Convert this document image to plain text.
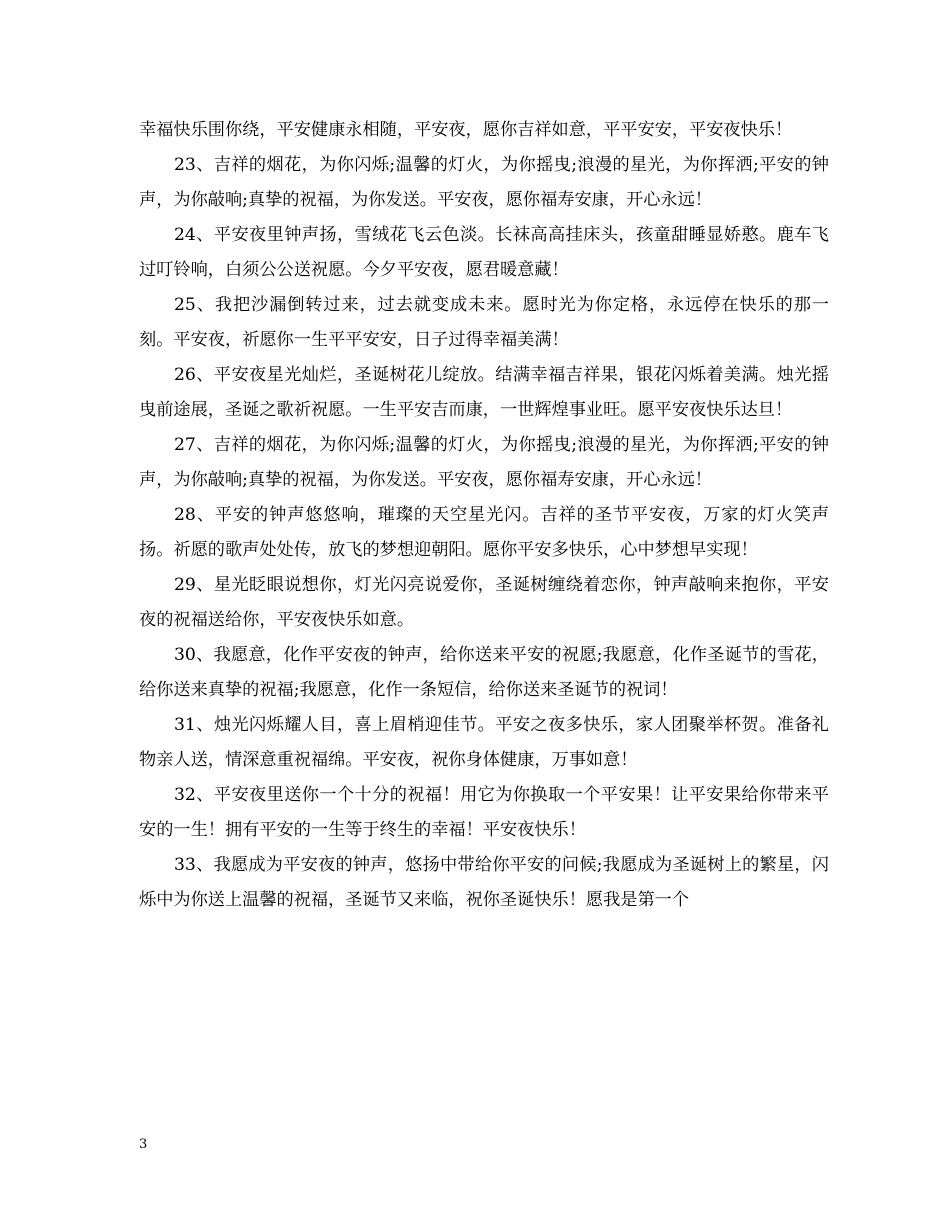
幸福快乐围你绕，平安健康永相随，平安夜，愿你吉祥如意，平平安安，平安夜快乐！

23、吉祥的烟花，为你闪烁;温馨的灯火，为你摇曳;浪漫的星光，为你挥洒;平安的钟声，为你敲响;真挚的祝福，为你发送。平安夜，愿你福寿安康，开心永远！

24、平安夜里钟声扬，雪绒花飞云色淡。长袜高高挂床头，孩童甜睡显娇憨。鹿车飞过叮铃响，白须公公送祝愿。今夕平安夜，愿君暖意藏！

25、我把沙漏倒转过来，过去就变成未来。愿时光为你定格，永远停在快乐的那一刻。平安夜，祈愿你一生平平安安，日子过得幸福美满！

26、平安夜星光灿烂，圣诞树花儿绽放。结满幸福吉祥果，银花闪烁着美满。烛光摇曳前途展，圣诞之歌祈祝愿。一生平安吉而康，一世辉煌事业旺。愿平安夜快乐达旦！

27、吉祥的烟花，为你闪烁;温馨的灯火，为你摇曳;浪漫的星光，为你挥洒;平安的钟声，为你敲响;真挚的祝福，为你发送。平安夜，愿你福寿安康，开心永远！

28、平安的钟声悠悠响，璀璨的天空星光闪。吉祥的圣节平安夜，万家的灯火笑声扬。祈愿的歌声处处传，放飞的梦想迎朝阳。愿你平安多快乐，心中梦想早实现！

29、星光眨眼说想你，灯光闪亮说爱你，圣诞树缠绕着恋你，钟声敲响来抱你，平安夜的祝福送给你，平安夜快乐如意。

30、我愿意，化作平安夜的钟声，给你送来平安的祝愿;我愿意，化作圣诞节的雪花，给你送来真挚的祝福;我愿意，化作一条短信，给你送来圣诞节的祝词！

31、烛光闪烁耀人目，喜上眉梢迎佳节。平安之夜多快乐，家人团聚举杯贺。准备礼物亲人送，情深意重祝福绵。平安夜，祝你身体健康，万事如意！

32、平安夜里送你一个十分的祝福！用它为你换取一个平安果！让平安果给你带来平安的一生！拥有平安的一生等于终生的幸福！平安夜快乐！

33、我愿成为平安夜的钟声，悠扬中带给你平安的问候;我愿成为圣诞树上的繁星，闪烁中为你送上温馨的祝福，圣诞节又来临，祝你圣诞快乐！愿我是第一个

3
